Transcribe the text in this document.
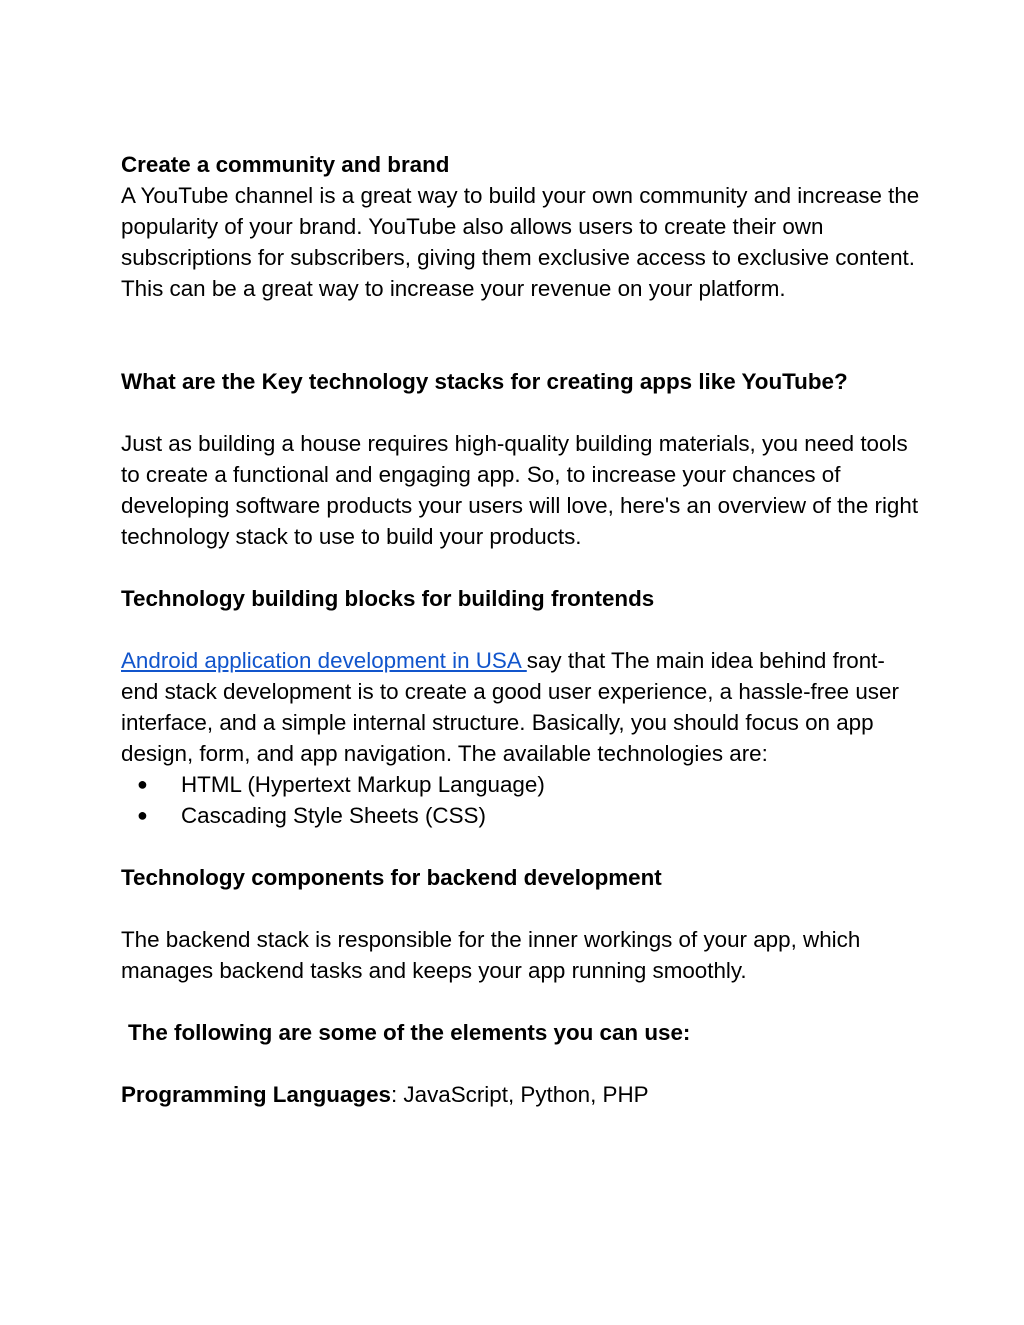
Create a community and brand

A YouTube channel is a great way to build your own community and increase the popularity of your brand. YouTube also allows users to create their own subscriptions for subscribers, giving them exclusive access to exclusive content. This can be a great way to increase your revenue on your platform.

What are the Key technology stacks for creating apps like YouTube?

Just as building a house requires high-quality building materials, you need tools to create a functional and engaging app. So, to increase your chances of developing software products your users will love, here's an overview of the right technology stack to use to build your products.

Technology building blocks for building frontends

Android application development in USA say that The main idea behind front-end stack development is to create a good user experience, a hassle-free user interface, and a simple internal structure. Basically, you should focus on app design, form, and app navigation. The available technologies are:

● HTML (Hypertext Markup Language)
● Cascading Style Sheets (CSS)

Technology components for backend development

The backend stack is responsible for the inner workings of your app, which manages backend tasks and keeps your app running smoothly.

The following are some of the elements you can use:

Programming Languages: JavaScript, Python, PHP
